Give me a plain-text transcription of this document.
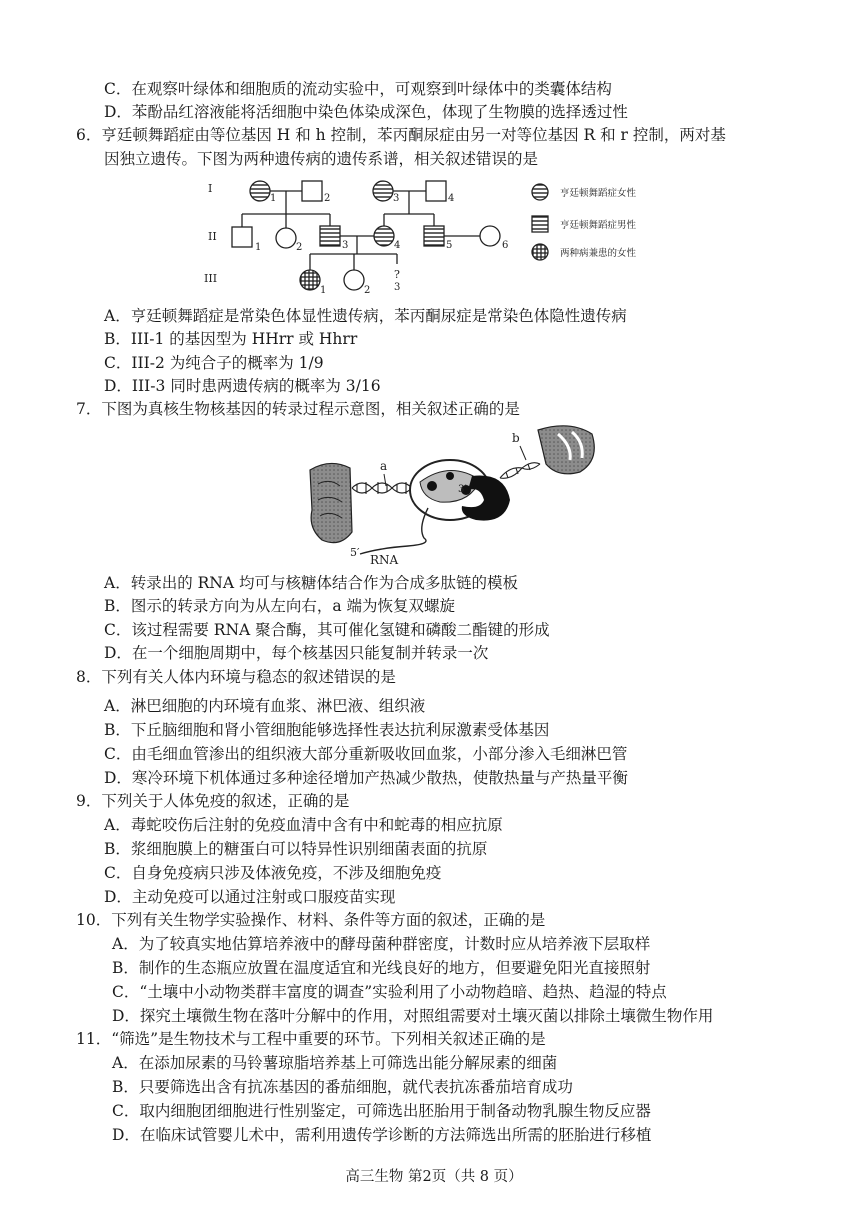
C．在观察叶绿体和细胞质的流动实验中，可观察到叶绿体中的类囊体结构
D．苯酚品红溶液能将活细胞中染色体染成深色，体现了生物膜的选择透过性
6．亨廷顿舞蹈症由等位基因 H 和 h 控制，苯丙酮尿症由另一对等位基因 R 和 r 控制，两对基
因独立遗传。下图为两种遗传病的遗传系谱，相关叙述错误的是
A．亨廷顿舞蹈症是常染色体显性遗传病，苯丙酮尿症是常染色体隐性遗传病
B．III-1 的基因型为 HHrr 或 Hhrr
C．III-2 为纯合子的概率为 1/9
D．III-3 同时患两遗传病的概率为 3/16
7．下图为真核生物核基因的转录过程示意图，相关叙述正确的是
A．转录出的 RNA 均可与核糖体结合作为合成多肽链的模板
B．图示的转录方向为从左向右，a 端为恢复双螺旋
C．该过程需要 RNA 聚合酶，其可催化氢键和磷酸二酯键的形成
D．在一个细胞周期中，每个核基因只能复制并转录一次
8．下列有关人体内环境与稳态的叙述错误的是
A．淋巴细胞的内环境有血浆、淋巴液、组织液
B．下丘脑细胞和肾小管细胞能够选择性表达抗利尿激素受体基因
C．由毛细血管渗出的组织液大部分重新吸收回血浆，小部分渗入毛细淋巴管
D．寒冷环境下机体通过多种途径增加产热减少散热，使散热量与产热量平衡
9．下列关于人体免疫的叙述，正确的是
A．毒蛇咬伤后注射的免疫血清中含有中和蛇毒的相应抗原
B．浆细胞膜上的糖蛋白可以特异性识别细菌表面的抗原
C．自身免疫病只涉及体液免疫，不涉及细胞免疫
D．主动免疫可以通过注射或口服疫苗实现
10．下列有关生物学实验操作、材料、条件等方面的叙述，正确的是
A．为了较真实地估算培养液中的酵母菌种群密度，计数时应从培养液下层取样
B．制作的生态瓶应放置在温度适宜和光线良好的地方，但要避免阳光直接照射
C．“土壤中小动物类群丰富度的调查”实验利用了小动物趋暗、趋热、趋湿的特点
D．探究土壤微生物在落叶分解中的作用，对照组需要对土壤灭菌以排除土壤微生物作用
11．“筛选”是生物技术与工程中重要的环节。下列相关叙述正确的是
A．在添加尿素的马铃薯琼脂培养基上可筛选出能分解尿素的细菌
B．只要筛选出含有抗冻基因的番茄细胞，就代表抗冻番茄培育成功
C．取内细胞团细胞进行性别鉴定，可筛选出胚胎用于制备动物乳腺生物反应器
D．在临床试管婴儿术中，需利用遗传学诊断的方法筛选出所需的胚胎进行移植
I
II
III	?
1	2	3	4
1	2	3	4	5	6
1	2 3
亨廷顿舞蹈症女性
亨廷顿舞蹈症男性
两种病兼患的女性
a
b
3′
5′
RNA
高三生物 第2页（共 8 页）
